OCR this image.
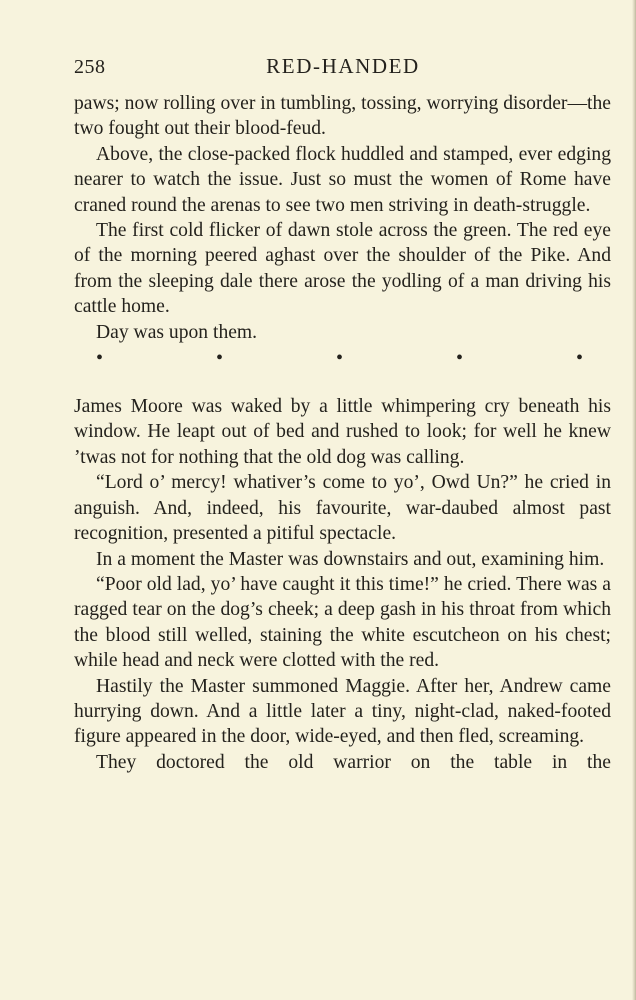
258	RED-HANDED

paws; now rolling over in tumbling, tossing, worrying disorder—the two fought out their blood-feud.

Above, the close-packed flock huddled and stamped, ever edging nearer to watch the issue. Just so must the women of Rome have craned round the arenas to see two men striving in death-struggle.

The first cold flicker of dawn stole across the green. The red eye of the morning peered aghast over the shoulder of the Pike. And from the sleeping dale there arose the yodling of a man driving his cattle home.

Day was upon them.

•	•	•	•	•

James Moore was waked by a little whimpering cry beneath his window. He leapt out of bed and rushed to look; for well he knew ’twas not for nothing that the old dog was calling.

“Lord o’ mercy! whativer’s come to yo’, Owd Un?” he cried in anguish. And, indeed, his favourite, war-daubed almost past recognition, presented a pitiful spectacle.

In a moment the Master was downstairs and out, examining him.

“Poor old lad, yo’ have caught it this time!” he cried. There was a ragged tear on the dog’s cheek; a deep gash in his throat from which the blood still welled, staining the white escutcheon on his chest; while head and neck were clotted with the red.

Hastily the Master summoned Maggie. After her, Andrew came hurrying down. And a little later a tiny, night-clad, naked-footed figure appeared in the door, wide-eyed, and then fled, screaming.

They doctored the old warrior on the table in the
